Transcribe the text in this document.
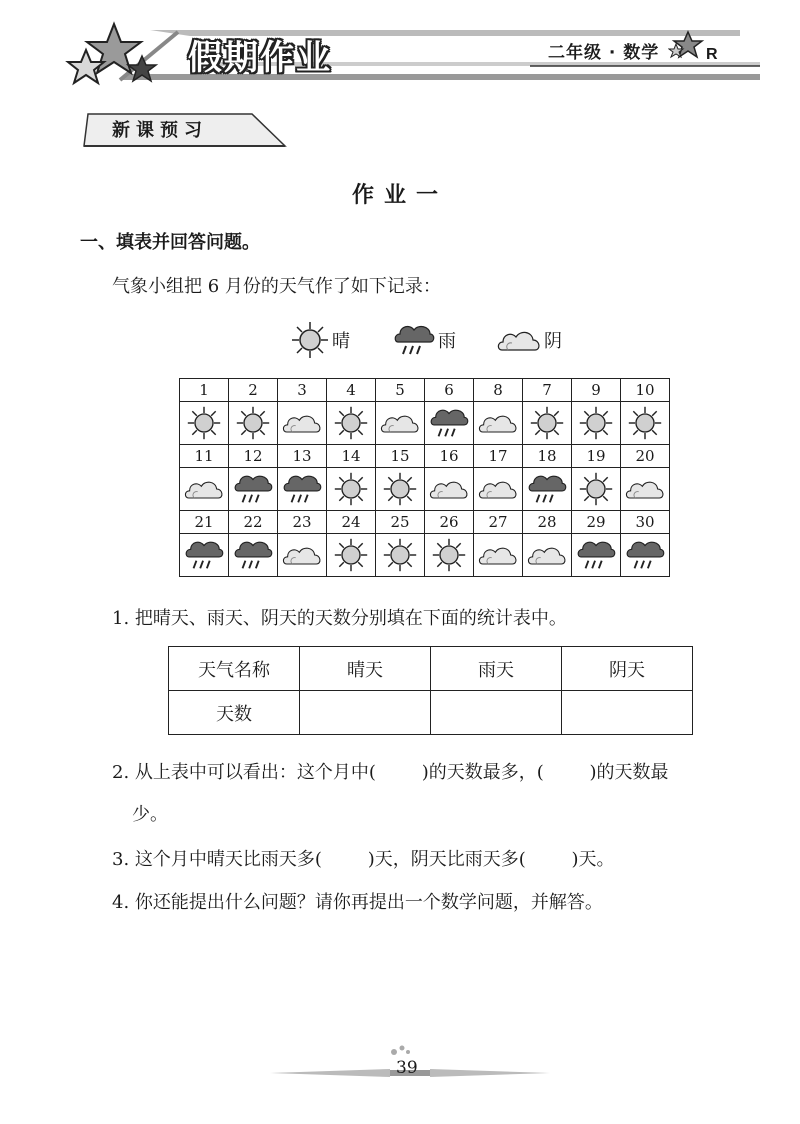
假期作业	二年级 · 数学	R
新课预习
作业一
一、填表并回答问题。
气象小组把 6 月份的天气作了如下记录：
晴	雨	阴
1	2	3	4	5	6	8	7	9	10

11	12	13	14	15	16	17	18	19	20

21	22	23	24	25	26	27	28	29	30

1. 把晴天、雨天、阴天的天数分别填在下面的统计表中。
天气名称	晴天	雨天	阴天
天数			
2. 从上表中可以看出：这个月中(        )的天数最多，(        )的天数最
少。
3. 这个月中晴天比雨天多(        )天，阴天比雨天多(        )天。
4. 你还能提出什么问题？请你再提出一个数学问题，并解答。
39
